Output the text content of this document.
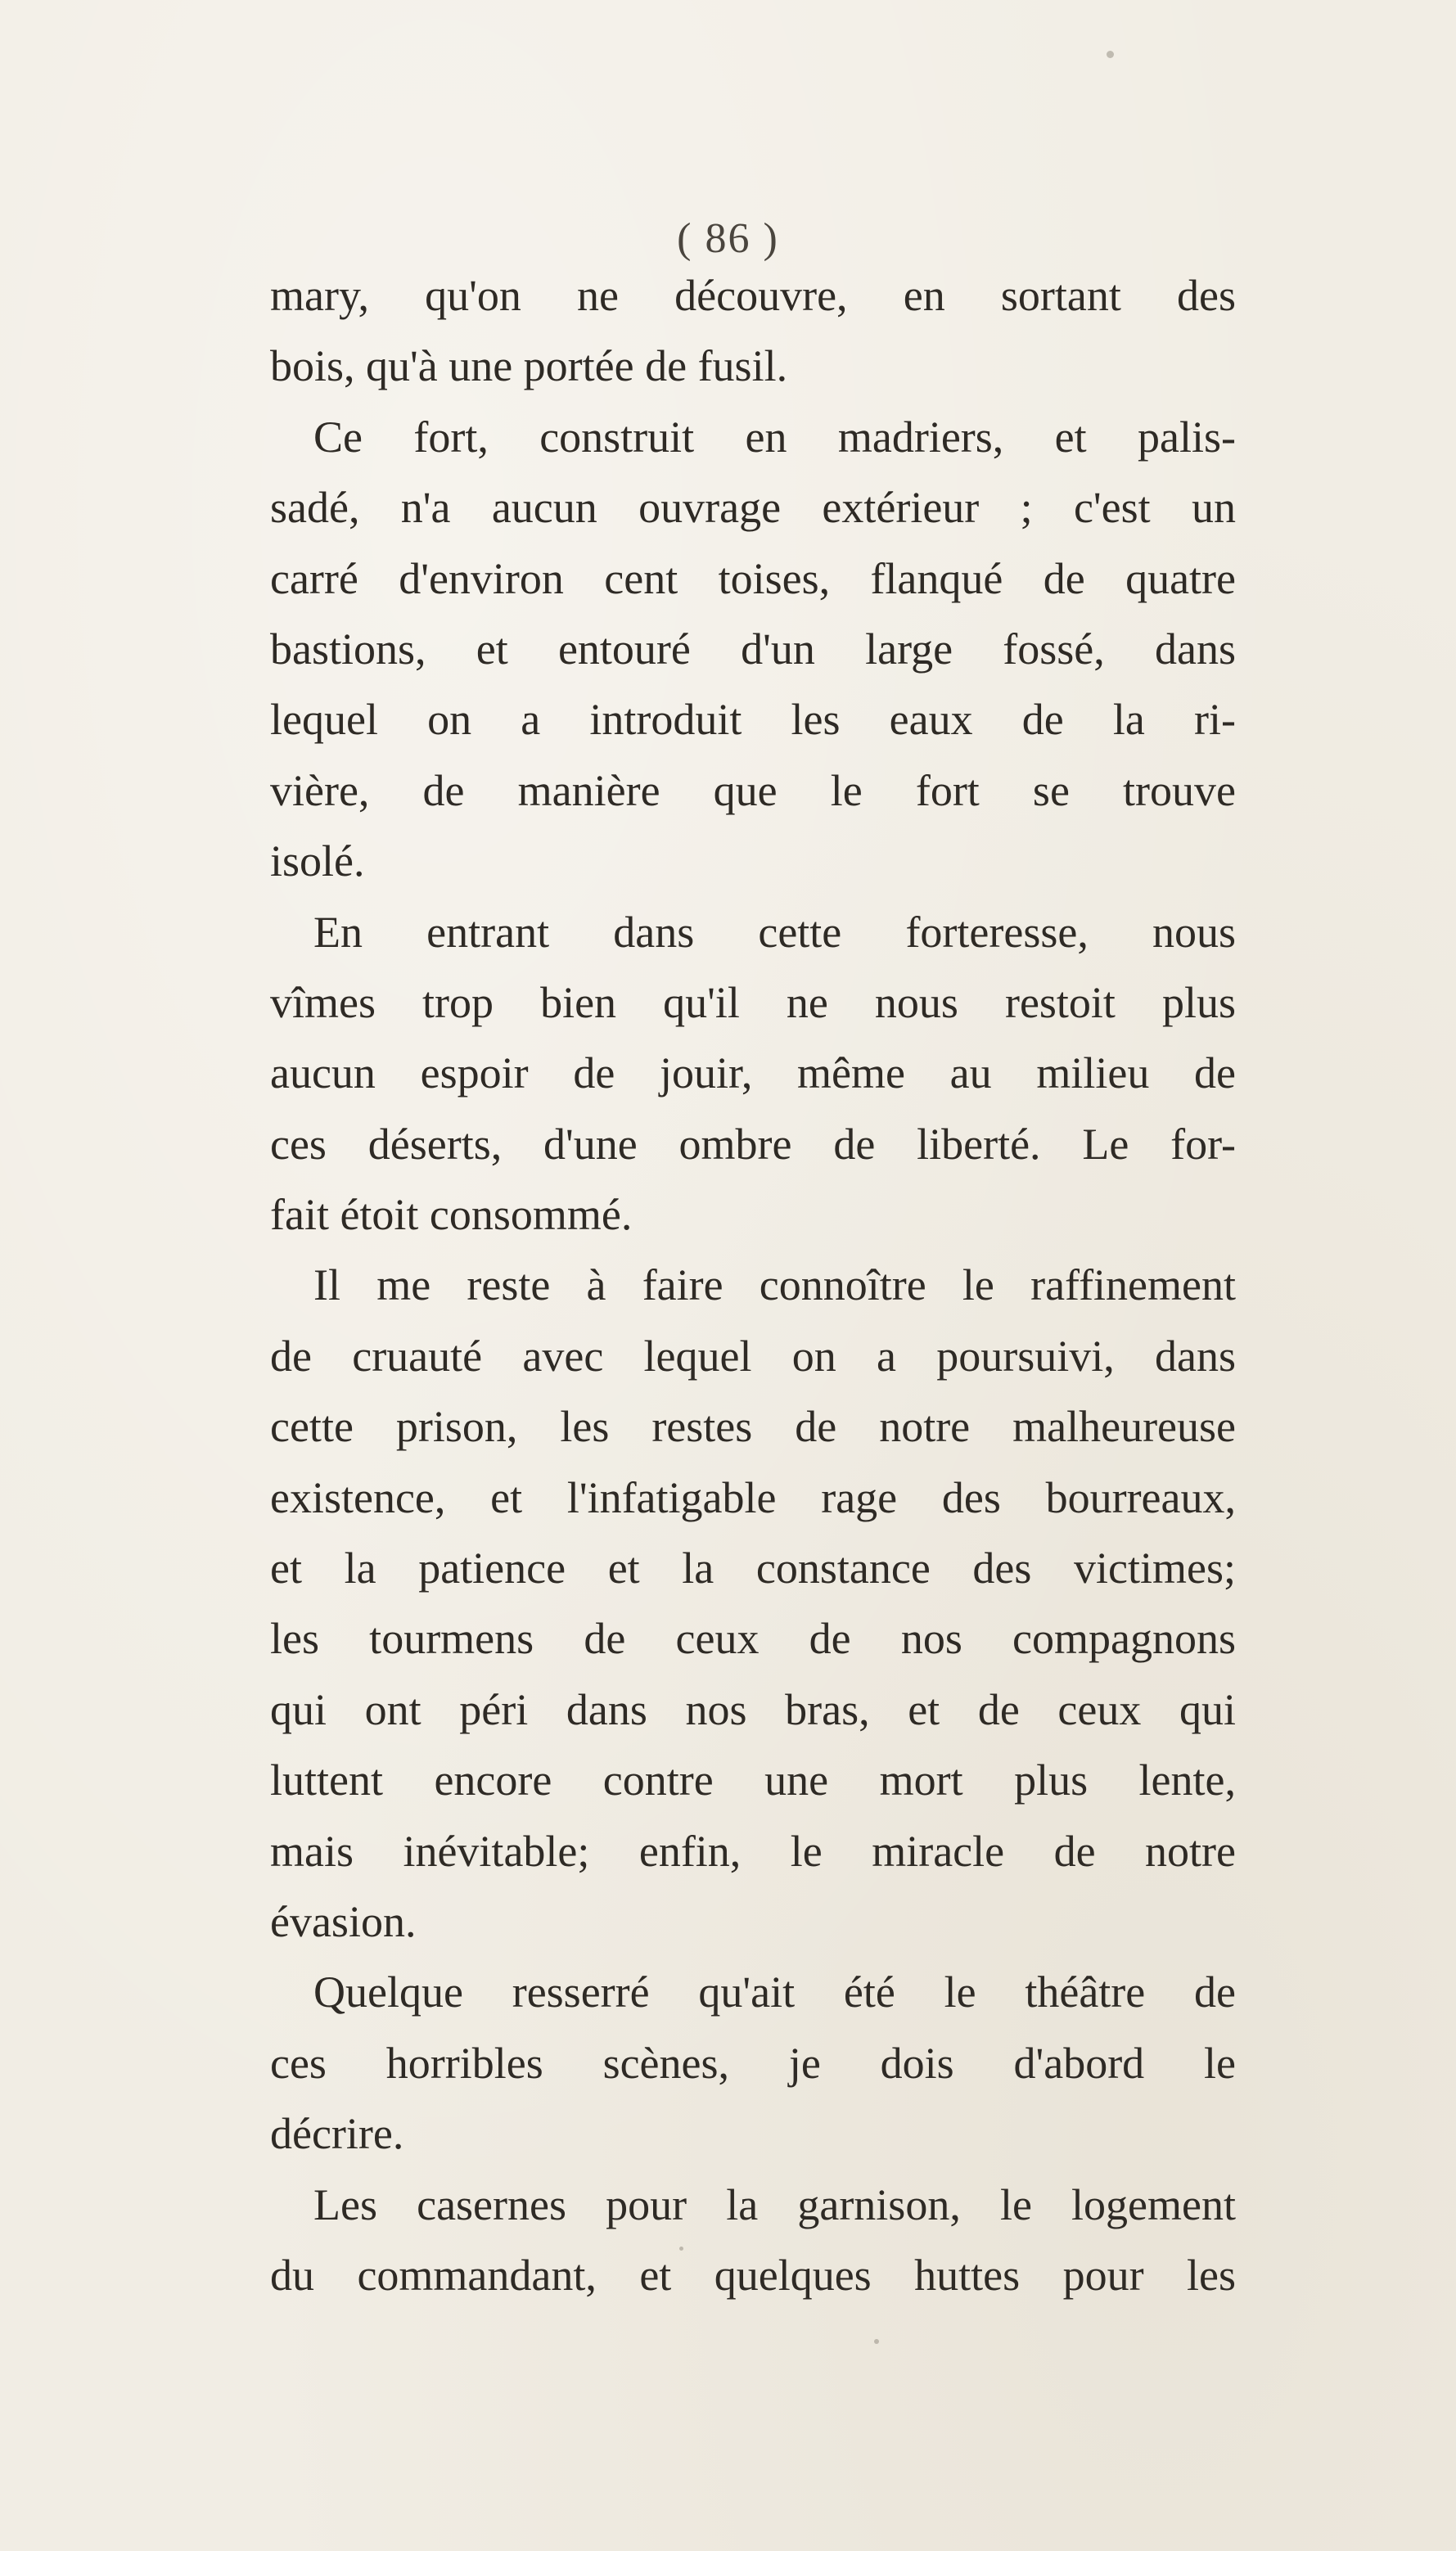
( 86 )
mary, qu'on ne découvre, en sortant des
bois, qu'à une portée de fusil.
Ce fort, construit en madriers, et palis-
sadé, n'a aucun ouvrage extérieur ; c'est un
carré d'environ cent toises, flanqué de quatre
bastions, et entouré d'un large fossé, dans
lequel on a introduit les eaux de la ri-
vière, de manière que le fort se trouve
isolé.
En entrant dans cette forteresse, nous
vîmes trop bien qu'il ne nous restoit plus
aucun espoir de jouir, même au milieu de
ces déserts, d'une ombre de liberté. Le for-
fait étoit consommé.
Il me reste à faire connoître le raffinement
de cruauté avec lequel on a poursuivi, dans
cette prison, les restes de notre malheureuse
existence, et l'infatigable rage des bourreaux,
et la patience et la constance des victimes;
les tourmens de ceux de nos compagnons
qui ont péri dans nos bras, et de ceux qui
luttent encore contre une mort plus lente,
mais inévitable; enfin, le miracle de notre
évasion.
Quelque resserré qu'ait été le théâtre de
ces horribles scènes, je dois d'abord le
décrire.
Les casernes pour la garnison, le logement
du commandant, et quelques huttes pour les
